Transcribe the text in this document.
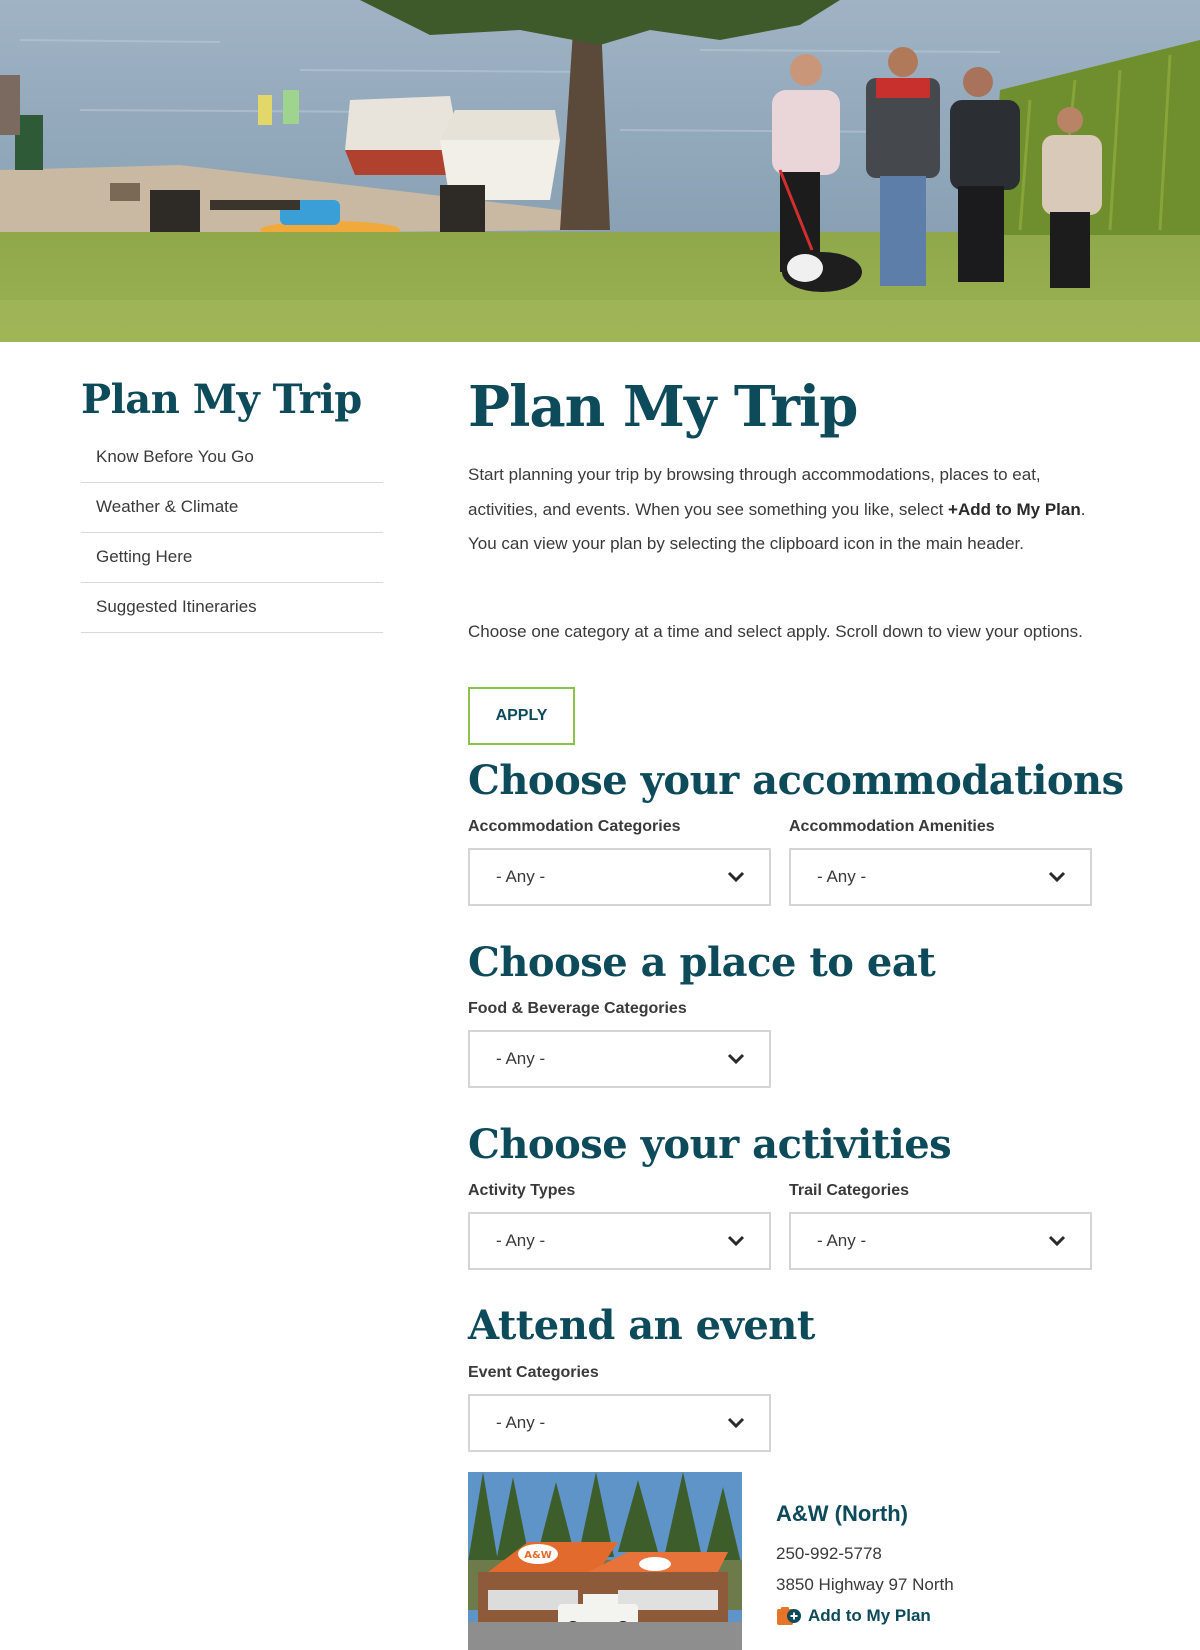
Plan My Trip
Know Before You Go
Weather & Climate
Getting Here
Suggested Itineraries
Plan My Trip

Start planning your trip by browsing through accommodations, places to eat, activities, and events. When you see something you like, select +Add to My Plan. You can view your plan by selecting the clipboard icon in the main header.

Choose one category at a time and select apply. Scroll down to view your options.

APPLY
Choose your accommodations
Accommodation Categories
- Any -
Accommodation Amenities
- Any -
Choose a place to eat
Food & Beverage Categories
- Any -
Choose your activities
Activity Types
- Any -
Trail Categories
- Any -
Attend an event
Event Categories
- Any -
A&W
A&W (North)
250-992-5778
3850 Highway 97 North
Add to My Plan
